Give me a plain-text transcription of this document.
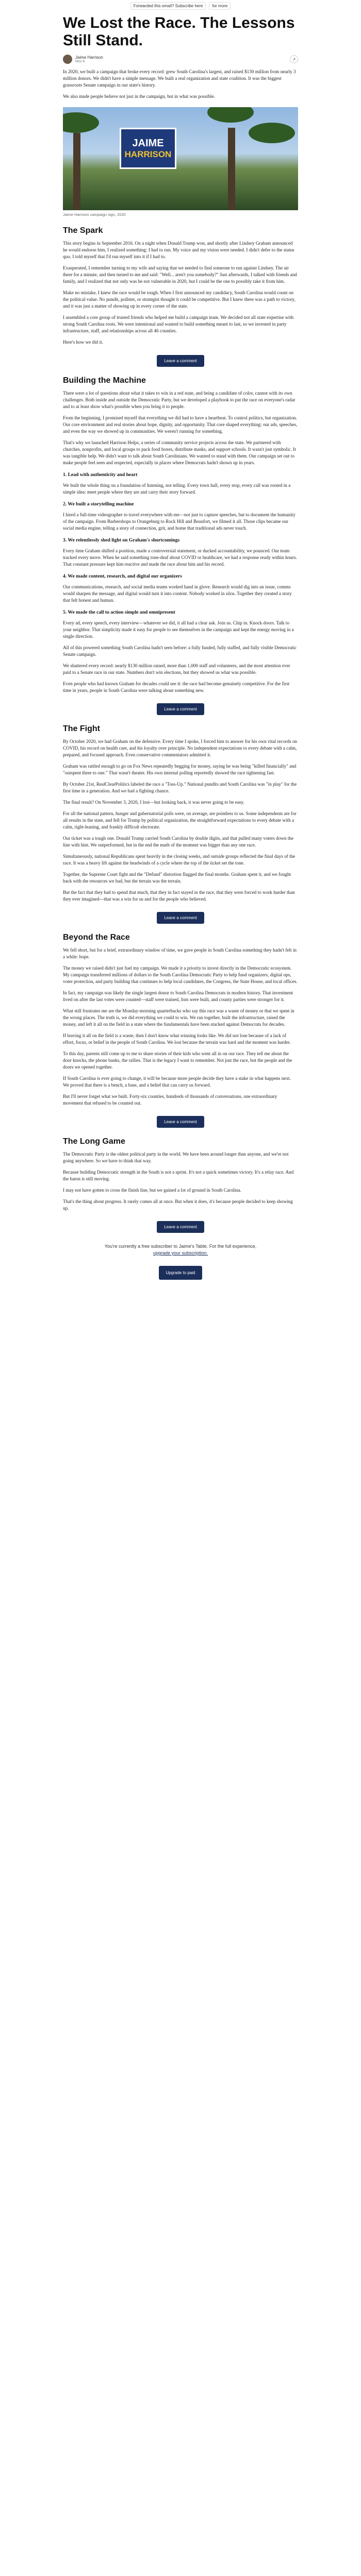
Forwarded this email? Subscribe here	for more
We Lost the Race. The Lessons Still Stand.
Jaime Harrison
Nov 6	↗

In 2020, we built a campaign that broke every record: grew South Carolina's largest, and raised $130 million from nearly 3 million donors. We didn't have a simple message. We built a real organization and state coalition. It was the biggest grassroots Senate campaign in our state's history.

We also made people believe not just in the campaign, but in what was possible.

JAIME
HARRISON
Jaime Harrison campaign sign, 2020
The Spark

This story begins in September 2016. On a night when Donald Trump won, and shortly after Lindsey Graham announced he would endorse him, I realized something: I had to run. My voice and my vision were needed. I didn't defer to the status quo. I told myself that I'd run myself into it if I had to.

Exasperated, I remember turning to my wife and saying that we needed to find someone to run against Lindsey. The air there for a minute, and then turned to me and said: "Well... aren't you somebody?" Just afterwards, I talked with friends and family, and I realized that not only was he not vulnerable in 2020, but I could be the one to possibly take it from him.

Make no mistake, I knew the race would be tough. When I first announced my candidacy, South Carolina would count on the political value. No pundit, pollster, or strategist thought it could be competitive. But I knew there was a path to victory, and it was just a matter of showing up in every corner of the state.

I assembled a core group of trusted friends who helped me build a campaign team. We decided not all state expertise with strong South Carolina roots. We were intentional and wanted to build something meant to last, so we invested in party infrastructure, staff, and relationships across all 46 counties.

Here's how we did it.

Leave a comment
Building the Machine

There were a lot of questions about what it takes to win in a red state, and being a candidate of color, cannot with its own challenges. Both inside and outside the Democratic Party, but we developed a playbook to put the race on everyone's radar and to at least show what's possible when you bring it to people.

From the beginning, I promised myself that everything we did had to have a heartbeat. To control politics, but organization. Our core environment and real stories about hope, dignity, and opportunity. That core shaped everything: our ads, speeches, and even the way we showed up in communities. We weren't running for something.

That's why we launched Harrison Helps, a series of community service projects across the state. We partnered with churches, nonprofits, and local groups to pack food boxes, distribute masks, and support schools. It wasn't just symbolic. It was tangible help. We didn't want to talk about South Carolinians. We wanted to stand with them. Our campaign set out to make people feel seen and respected, especially in places where Democrats hadn't shown up in years.

1. Lead with authenticity and heart

We built the whole thing on a foundation of listening, not telling. Every town hall, every stop, every call was rooted in a simple idea: meet people where they are and carry their story forward.

2. We built a storytelling machine

I hired a full-time videographer to travel everywhere with me—not just to capture speeches, but to document the humanity of the campaign. From Barbershops to Orangeburg to Rock Hill and Beaufort, we filmed it all. Those clips became our social media engine, telling a story of connection, grit, and home that traditional ads never touch.

3. We relentlessly shed light on Graham's shortcomings

Every time Graham shifted a position, made a controversial statement, or ducked accountability, we pounced. Our team tracked every move. When he said something tone-deaf about COVID or healthcare, we had a response ready within hours. That constant pressure kept him reactive and made the race about him and his record.

4. We made content, research, and digital our organizers

Our communications, research, and social media teams worked hand in glove. Research would dig into an issue, comms would sharpen the message, and digital would turn it into content. Nobody worked in silos. Together they created a story that felt honest and human.

5. We made the call to action simple and omnipresent

Every ad, every speech, every interview—whatever we did, it all had a clear ask. Join us. Chip in. Knock doors. Talk to your neighbor. That simplicity made it easy for people to see themselves in the campaign and kept the energy moving in a single direction.

All of this powered something South Carolina hadn't seen before: a fully funded, fully staffed, and fully visible Democratic Senate campaign.

We shattered every record: nearly $130 million raised, more than 1,000 staff and volunteers, and the most attention ever paid to a Senate race in our state. Numbers don't win elections, but they showed us what was possible.

Even people who had known Graham for decades could see it: the race had become genuinely competitive. For the first time in years, people in South Carolina were talking about something new.

Leave a comment
The Fight

By October 2020, we had Graham on the defensive. Every time I spoke, I forced him to answer for his own vital records on COVID, his record on health care, and his loyalty over principle. No independent expectations to every debate with a calm, prepared, and focused approach. Even conservative commentators admitted it.

Graham was rattled enough to go on Fox News repeatedly begging for money, saying he was being "killed financially" and "outspent three to one." That wasn't theater. His own internal polling reportedly showed the race tightening fast.

By October 21st, RealClearPolitics labeled the race a "Toss-Up." National pundits and South Carolina was "in play" for the first time in a generation. And we had a fighting chance.

The final result? On November 3, 2020, I lost—but looking back, it was never going to be easy.

For all the national pattern, hunger and gubernatorial polls were, on average, are pointless to us. Some independents are for all results in the state, and fell for Trump by political organization, the straightforward expectations to every debate with a calm, right-leaning, and frankly difficult electorate.

Our ticket was a tough one. Donald Trump carried South Carolina by double digits, and that pulled many voters down the line with him. We outperformed, but in the end the math of the moment was bigger than any one race.

Simultaneously, national Republicans spent heavily in the closing weeks, and outside groups reflected the final days of the race. It was a heavy lift against the headwinds of a cycle where the top of the ticket set the tone.

Together, the Supreme Court fight and the "Defund" distortion flagged the final months. Graham spent it, and we fought back with the resources we had, but the terrain was the terrain.

But the fact that they had to spend that much, that they in fact stayed in the race, that they were forced to work harder than they ever imagined—that was a win for us and for the people who believed.

Leave a comment
Beyond the Race

We fell short, but for a brief, extraordinary window of time, we gave people in South Carolina something they hadn't felt in a while: hope.

The money we raised didn't just fuel my campaign. We made it a priority to invest directly in the Democratic ecosystem. My campaign transferred millions of dollars to the South Carolina Democratic Party to help fund organizers, digital ops, voter protection, and party building that continues to help local candidates, the Congress, the State House, and local offices.

In fact, my campaign was likely the single largest donor to South Carolina Democrats in modern history. That investment lived on after the last votes were counted—staff were trained, lists were built, and county parties were stronger for it.

What still frustrates me are the Monday-morning quarterbacks who say this race was a waste of money or that we spent in the wrong places. The truth is, we did everything we could to win. We ran together, built the infrastructure, raised the money, and left it all on the field in a state where the fundamentals have been stacked against Democrats for decades.

If leaving it all on the field is a waste, then I don't know what winning looks like. We did not lose because of a lack of effort, focus, or belief in the people of South Carolina. We lost because the terrain was hard and the moment was harder.

To this day, parents still come up to me to share stories of their kids who went all in on our race. They tell me about the door knocks, the phone banks, the rallies. That is the legacy I want to remember. Not just the race, but the people and the doors we opened together.

If South Carolina is ever going to change, it will be because more people decide they have a stake in what happens next. We proved that there is a bench, a base, and a belief that can carry us forward.

But I'll never forget what we built. Forty-six counties, hundreds of thousands of conversations, one extraordinary movement that refused to be counted out.

Leave a comment
The Long Game

The Democratic Party is the oldest political party in the world. We have been around longer than anyone, and we're not going anywhere. So we have to think that way.

Because building Democratic strength in the South is not a sprint. It's not a quick sometimes victory. It's a relay race. And the baton is still moving.

I may not have gotten to cross the finish line, but we gained a lot of ground in South Carolina.

That's the thing about progress. It rarely comes all at once. But when it does, it's because people decided to keep showing up.

Leave a comment
You're currently a free subscriber to Jaime's Table. For the full experience,
upgrade your subscription.
Upgrade to paid
